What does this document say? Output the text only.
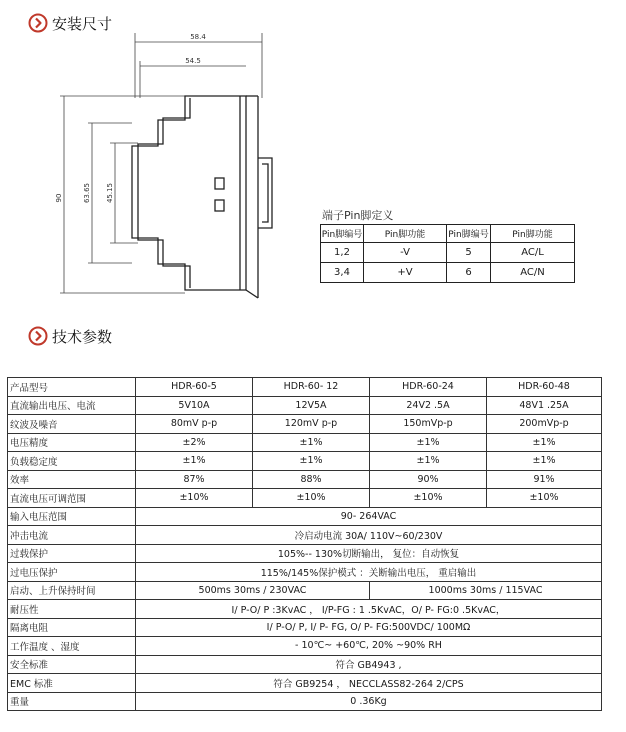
安装尺寸
58.4
54.5
90	63.65 45.15
端子Pin脚定义
Pin脚编号	Pin脚功能	Pin脚编号	Pin脚功能
1,2	-V	5	AC/L
3,4	+V	6	AC/N
技术参数
产品型号	HDR-60-5	HDR-60- 12	HDR-60-24	HDR-60-48
直流输出电压、电流	5V10A	12V5A	24V2 .5A	48V1 .25A
纹波及噪音	80mV p-p	120mV p-p	150mVp-p	200mVp-p
电压精度	±2%	±1%	±1%	±1%
负载稳定度	±1%	±1%	±1%	±1%
效率	87%	88%	90%	91%
直流电压可调范围	±10%	±10%	±10%	±10%
输入电压范围	90- 264VAC			
冲击电流	冷启动电流 30A/ 110V~60/230V			
过载保护	105%-- 130%切断输出， 复位：自动恢复			
过电压保护	115%/145%保护模式 ：关断输出电压， 重启输出			
启动、上升保持时间	500ms 30ms / 230VAC		1000ms 30ms / 115VAC	
耐压性	I/ P-O/ P :3KvAC ， I/P-FG : 1 .5KvAC，O/ P- FG:0 .5KvAC，			
隔离电阻	I/ P-O/ P, I/ P- FG, O/ P- FG:500VDC/ 100MΩ			
工作温度 、湿度	- 10℃~ +60℃, 20% ~90% RH			
安全标准	符合 GB4943 ,			
EMC 标准	符合 GB9254 ， NECCLASS82-264 2/CPS			
重量	0 .36Kg			
